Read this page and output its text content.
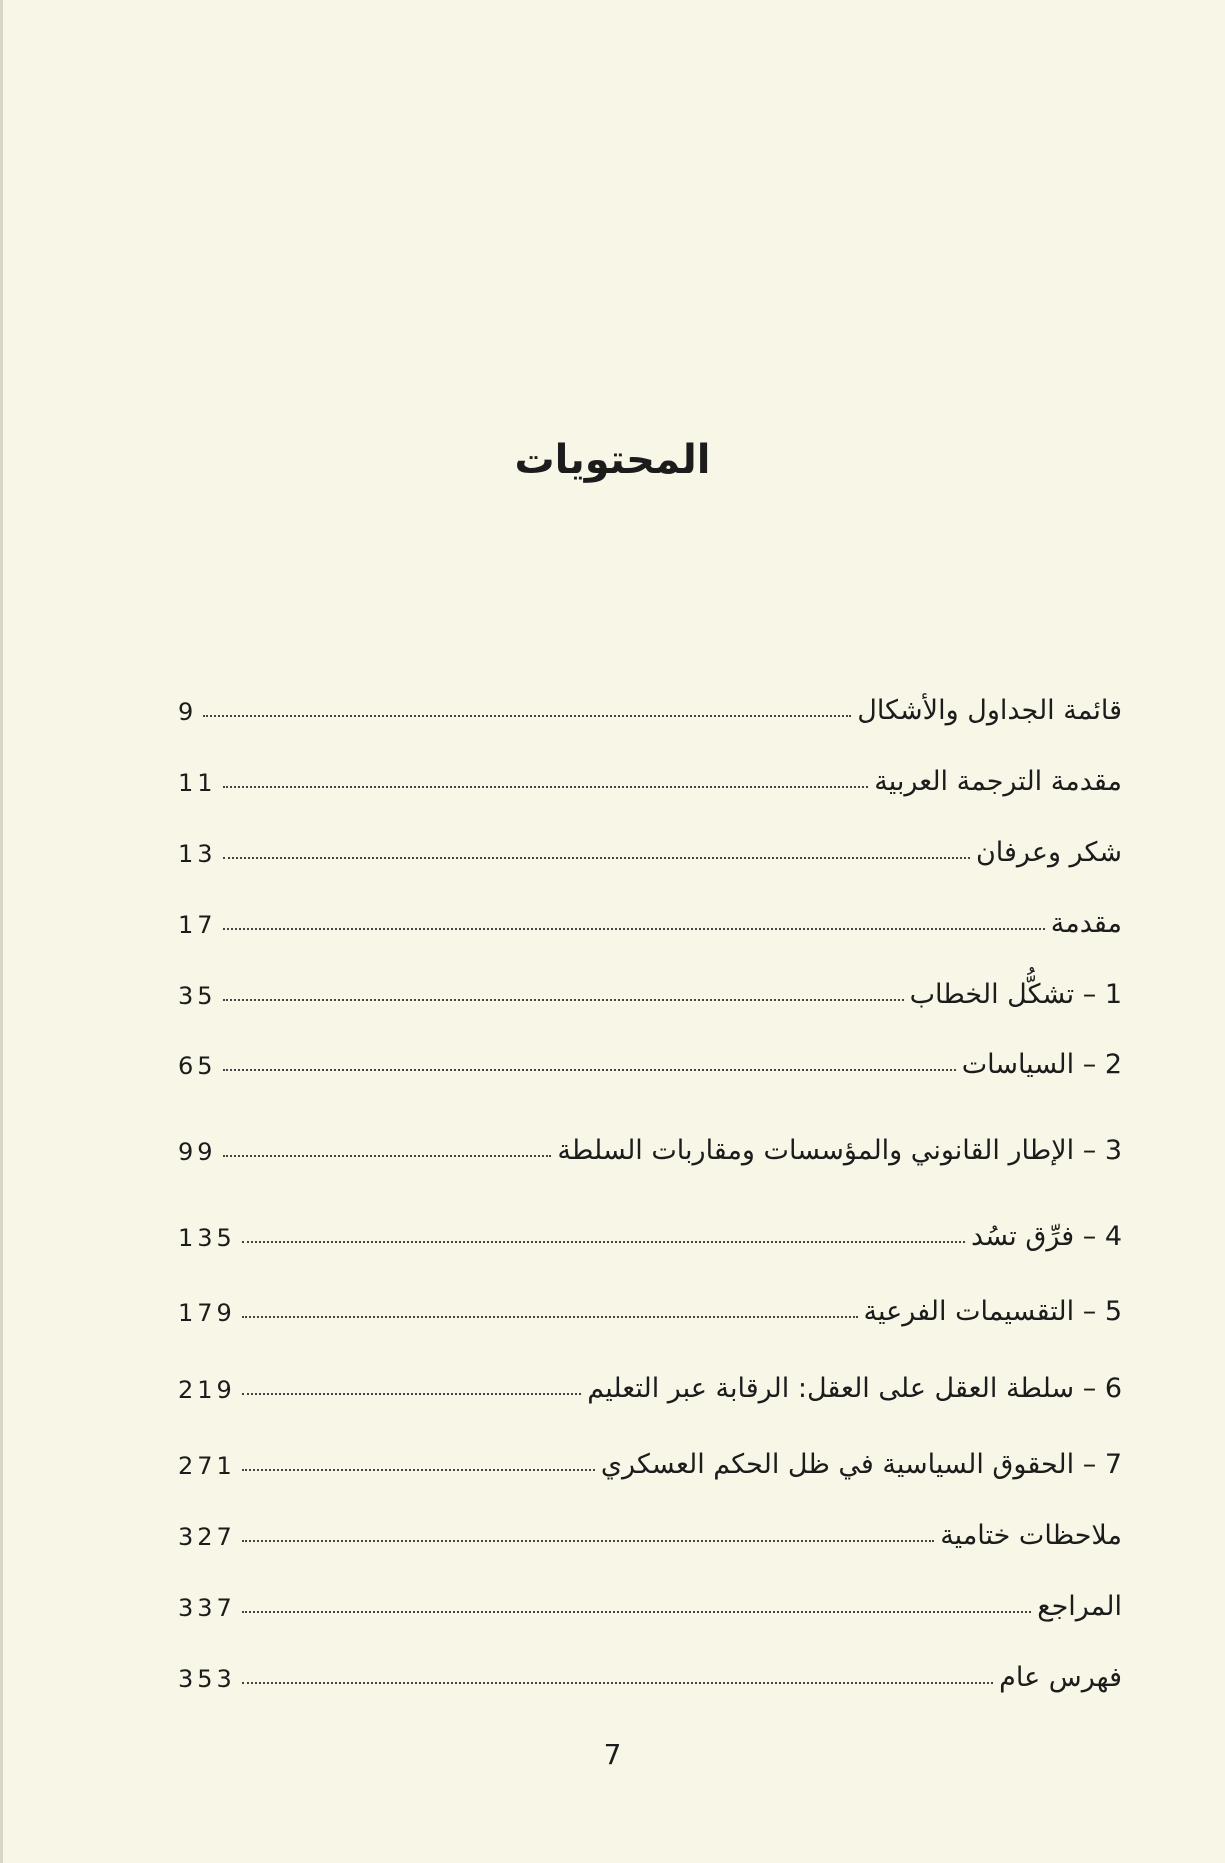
المحتويات
قائمة الجداول والأشكال
9
مقدمة الترجمة العربية
11
شكر وعرفان
13
مقدمة
17
1 – تشكُّل الخطاب
35
2 – السياسات
65
3 – الإطار القانوني والمؤسسات ومقاربات السلطة
99
4 – فرِّق تسُد
135
5 – التقسيمات الفرعية
179
6 – سلطة العقل على العقل: الرقابة عبر التعليم
219
7 – الحقوق السياسية في ظل الحكم العسكري
271
ملاحظات ختامية
327
المراجع
337
فهرس عام
353
7
